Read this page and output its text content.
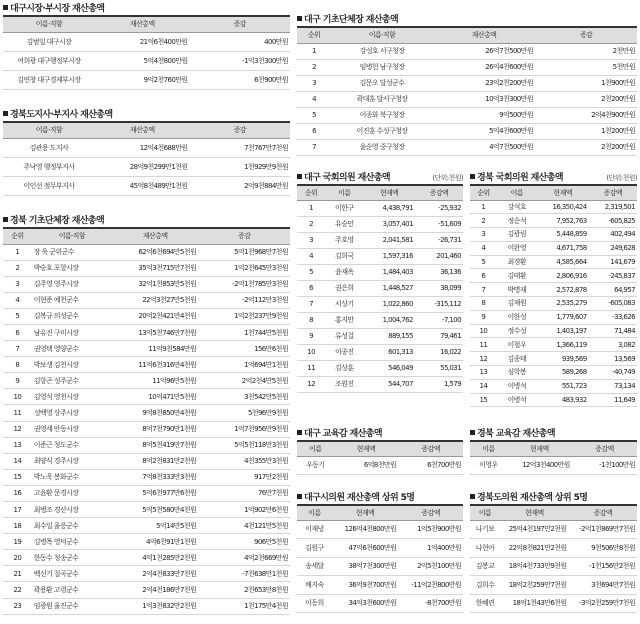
대구시장·부시장 재산총액
이름·직함	재산총액	증감
김범일 대구시장	21억6천400만원	400만원
여희광 대구행정부시장	5억4천800만원	-1억3천300만원
김연창 대구경제부시장	9억2천760만원	6천900만원
경북도지사·부지사 재산총액
이름·직함	재산총액	증감
김관용 도지사	12억4천688만원	7천767만7천원
주낙영 행정부지사	28억9천299만1천원	1천929만9천원
이인선 정무부지사	45억8천489만1천원	2억9천884만원
경북 기초단체장 재산총액
순위	이름·직함	재산총액	증감
1	장 욱 군위군수	62억6천694만5천원	5억1천968만7천원
2	박승호 포항시장	35억3천715만7천원	1억2천645만3천원
3	김주영 영주시장	32억1천853만5천원	-2억1천785만3천원
4	이현준 예천군수	22억3천27만5천원	-2억112만3천원
5	김복규 의성군수	20억2천421만4천원	1억2천237만9천원
6	남유진 구미시장	13억5천746만7천원	1천744만5천원
7	권영택 영양군수	11억9천584만원	156만6천원
8	박보생 김천시장	11억6천316만4천원	1억694만1천원
9	김항곤 성주군수	11억96만5천원	2억2천4만5천원
10	김영석 영천시장	10억471만5천원	3천542만5천원
11	성백영 상주시장	9억8천850만4천원	5천96만9천원
12	권영세 안동시장	8억7천790만1천원	1억7천956만9천원
13	이준근 청도군수	8억5천419만7천원	5억5천118만3천원
14	최양식 경주시장	8억2천831만2천원	4천355만3천원
15	박노욱 봉화군수	7억8천333만3천원	917만2천원
16	고윤환 문경시장	5억6천977만6천원	76만7천원
17	최병조 경산시장	5억5천580만4천원	1억902만6천원
18	최수일 울릉군수	5억14만5천원	4천121만5천원
19	김병목 영덕군수	4억6천91만1천원	906만5천원
20	한동수 청송군수	4억1천285만2천원	4억2천669만원
21	백선기 칠곡군수	2억4천833만7천원	-7천638만1천원
22	곽용환 고령군수	2억4천186만7천원	2천653만8천원
23	임광원 울진군수	1억3천832만2천원	1천175만4천원
대구 기초단체장 재산총액
순위	이름·직함	재산총액	증감
1	강성호 서구청장	26억7천500만원	2천만원
2	임병헌 남구청장	26억4천600만원	5천만원
3	김문오 달성군수	23억2천200만원	1천900만원
4	곽대훈 달서구청장	10억3천300만원	2천200만원
5	이종화 북구청장	9억500만원	2억4천900만원
6	이진훈 수성구청장	5억4천600만원	1천200만원
7	윤순영 중구청장	4억7천500만원	2천200만원
대구 국회의원 재산총액	(단위:천원)
순위	이름	현재액	증감액
1	이한구	4,438,791	-25,932
2	유승민	3,057,401	-51,609
3	주호영	2,041,581	-26,731
4	김희국	1,597,316	201,460
5	윤재옥	1,484,403	36,136
6	권은희	1,448,527	38,099
7	서상기	1,022,860	-315,112
8	홍지만	1,004,762	-7,100
9	류성걸	889,155	79,461
10	이종진	601,313	16,022
11	김상훈	546,049	55,031
12	조원진	544,707	1,579
경북 국회의원 재산총액	(단위:천원)
순위	이름	현재액	증감액
1	강석호	16,350,424	2,319,501
2	정순석	7,952,763	-605,825
3	김광림	5,448,859	402,494
4	이완영	4,671,758	249,628
5	최경환	4,585,664	141,679
6	김태환	2,806,916	-245,837
7	박명재	2,572,878	64,957
8	김재원	2,535,279	-605,083
9	이한성	1,779,607	-33,626
10	정수성	1,403,197	71,484
11	이철우	1,366,119	3,082
12	김종태	939,569	13,569
13	심학봉	589,268	-40,749
14	이병석	551,723	73,134
15	이병석	483,932	11,649
대구 교육감 재산총액
이름	현재액	증감액
우동기	6억8천만원	6천700만원
경북 교육감 재산총액
이름	현재액	증감액
이영우	12억3천400만원	-1천100만원
대구시의원 재산총액 상위 5명
이름	현재액	증감액
이재녕	126억4천800만원	1억5천900만원
김원구	47억6천600만원	1억400만원
송세달	38억7천300만원	2억5천100만원
배지숙	36억9천700만원	-11억2천800만원
이동희	34억3천600만원	-8천700만원
경북도의원 재산총액 상위 5명
이름	현재액	증감액
나기보	25억4천197만2천원	-2억1천869만7천원
나현아	22억8천821만2천원	9천506만8천원
김봉교	18억4천733만9천원	-1천156만2천원
김희수	18억2천259만7천원	3천694만7천원
한혜련	18억1천43만6천원	-3억2천259만7천원
